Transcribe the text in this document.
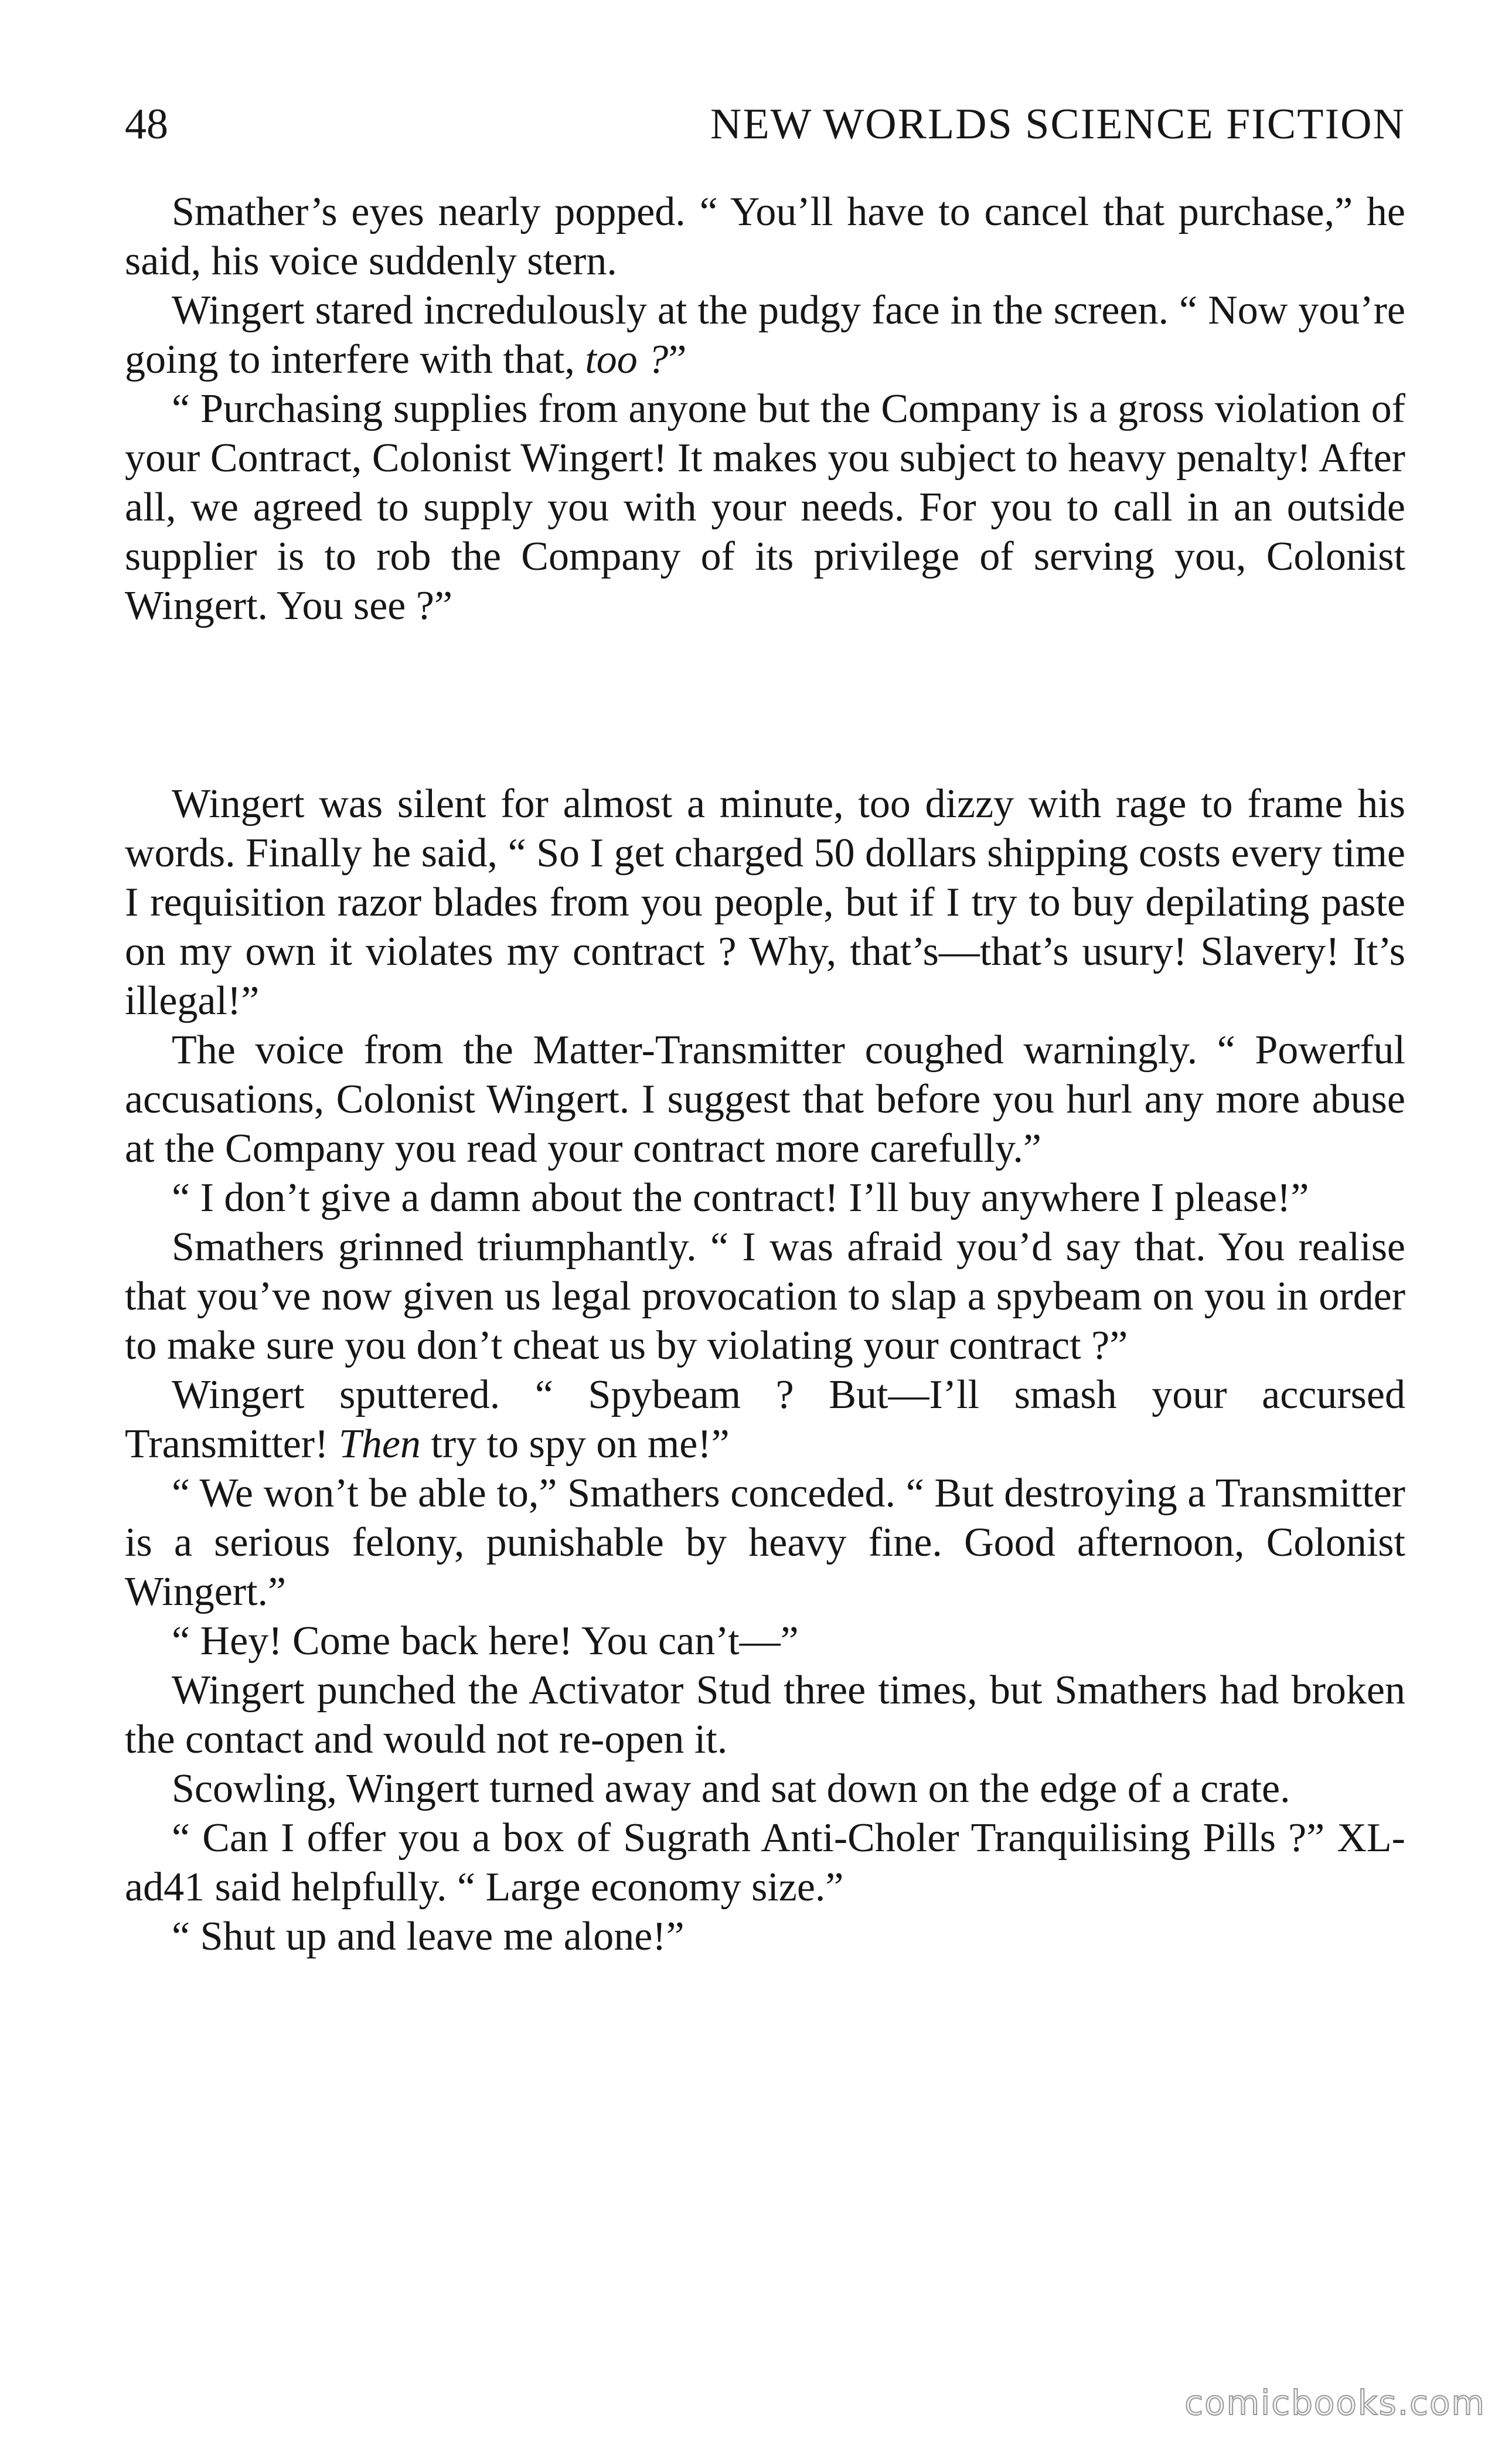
48	NEW WORLDS SCIENCE FICTION

Smather’s eyes nearly popped. “ You’ll have to cancel that purchase,” he said, his voice suddenly stern.

Wingert stared incredulously at the pudgy face in the screen. “ Now you’re going to interfere with that, too ?”

“ Purchasing supplies from anyone but the Company is a gross violation of your Contract, Colonist Wingert! It makes you subject to heavy penalty! After all, we agreed to supply you with your needs. For you to call in an outside supplier is to rob the Company of its privilege of serving you, Colonist Wingert. You see ?”

Wingert was silent for almost a minute, too dizzy with rage to frame his words. Finally he said, “ So I get charged 50 dollars shipping costs every time I requisition razor blades from you people, but if I try to buy depilating paste on my own it violates my contract ? Why, that’s—that’s usury! Slavery! It’s illegal!”

The voice from the Matter-Transmitter coughed warningly. “ Powerful accusations, Colonist Wingert. I suggest that before you hurl any more abuse at the Company you read your contract more carefully.”

“ I don’t give a damn about the contract! I’ll buy anywhere I please!”

Smathers grinned triumphantly. “ I was afraid you’d say that. You realise that you’ve now given us legal provocation to slap a spybeam on you in order to make sure you don’t cheat us by violating your contract ?”

Wingert sputtered. “ Spybeam ? But—I’ll smash your accursed Transmitter! Then try to spy on me!”

“ We won’t be able to,” Smathers conceded. “ But destroying a Transmitter is a serious felony, punishable by heavy fine. Good afternoon, Colonist Wingert.”

“ Hey! Come back here! You can’t—”

Wingert punched the Activator Stud three times, but Smathers had broken the contact and would not re-open it.

Scowling, Wingert turned away and sat down on the edge of a crate.

“ Can I offer you a box of Sugrath Anti-Choler Tranquilising Pills ?” XL-ad41 said helpfully. “ Large economy size.”

“ Shut up and leave me alone!”

comicbooks.com
